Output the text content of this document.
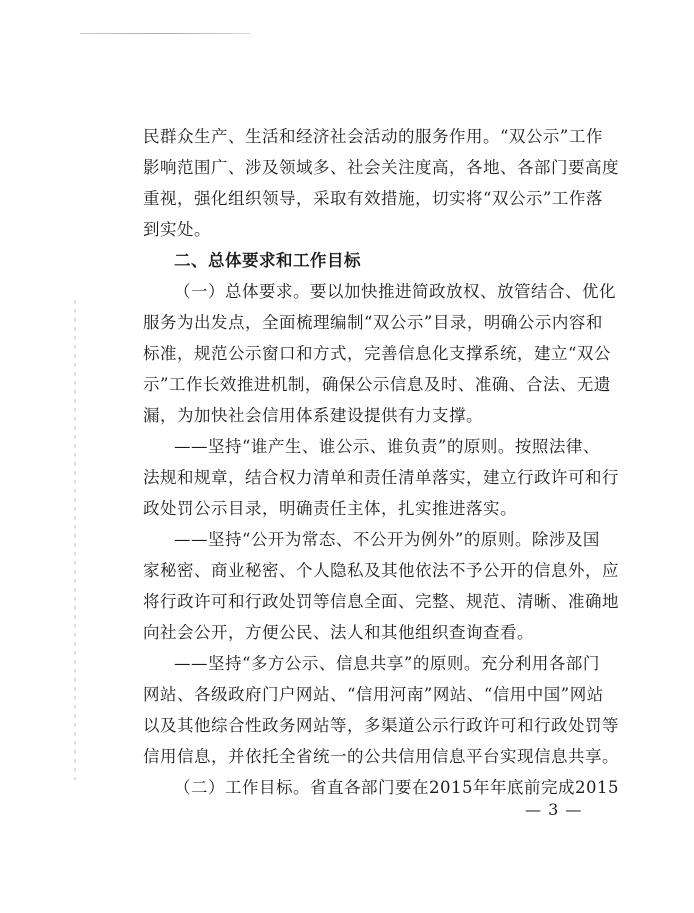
民群众生产、生活和经济社会活动的服务作用。“双公示”工作
影响范围广、涉及领域多、社会关注度高，各地、各部门要高度
重视，强化组织领导，采取有效措施，切实将“双公示”工作落
到实处。
二、总体要求和工作目标
（一）总体要求。要以加快推进简政放权、放管结合、优化
服务为出发点，全面梳理编制“双公示”目录，明确公示内容和
标准，规范公示窗口和方式，完善信息化支撑系统，建立“双公
示”工作长效推进机制，确保公示信息及时、准确、合法、无遗
漏，为加快社会信用体系建设提供有力支撑。
——坚持“谁产生、谁公示、谁负责”的原则。按照法律、
法规和规章，结合权力清单和责任清单落实，建立行政许可和行
政处罚公示目录，明确责任主体，扎实推进落实。
——坚持“公开为常态、不公开为例外”的原则。除涉及国
家秘密、商业秘密、个人隐私及其他依法不予公开的信息外，应
将行政许可和行政处罚等信息全面、完整、规范、清晰、准确地
向社会公开，方便公民、法人和其他组织查询查看。
——坚持“多方公示、信息共享”的原则。充分利用各部门
网站、各级政府门户网站、“信用河南”网站、“信用中国”网站
以及其他综合性政务网站等，多渠道公示行政许可和行政处罚等
信用信息，并依托全省统一的公共信用信息平台实现信息共享。
（二）工作目标。省直各部门要在2015年年底前完成2015
— 3 —
